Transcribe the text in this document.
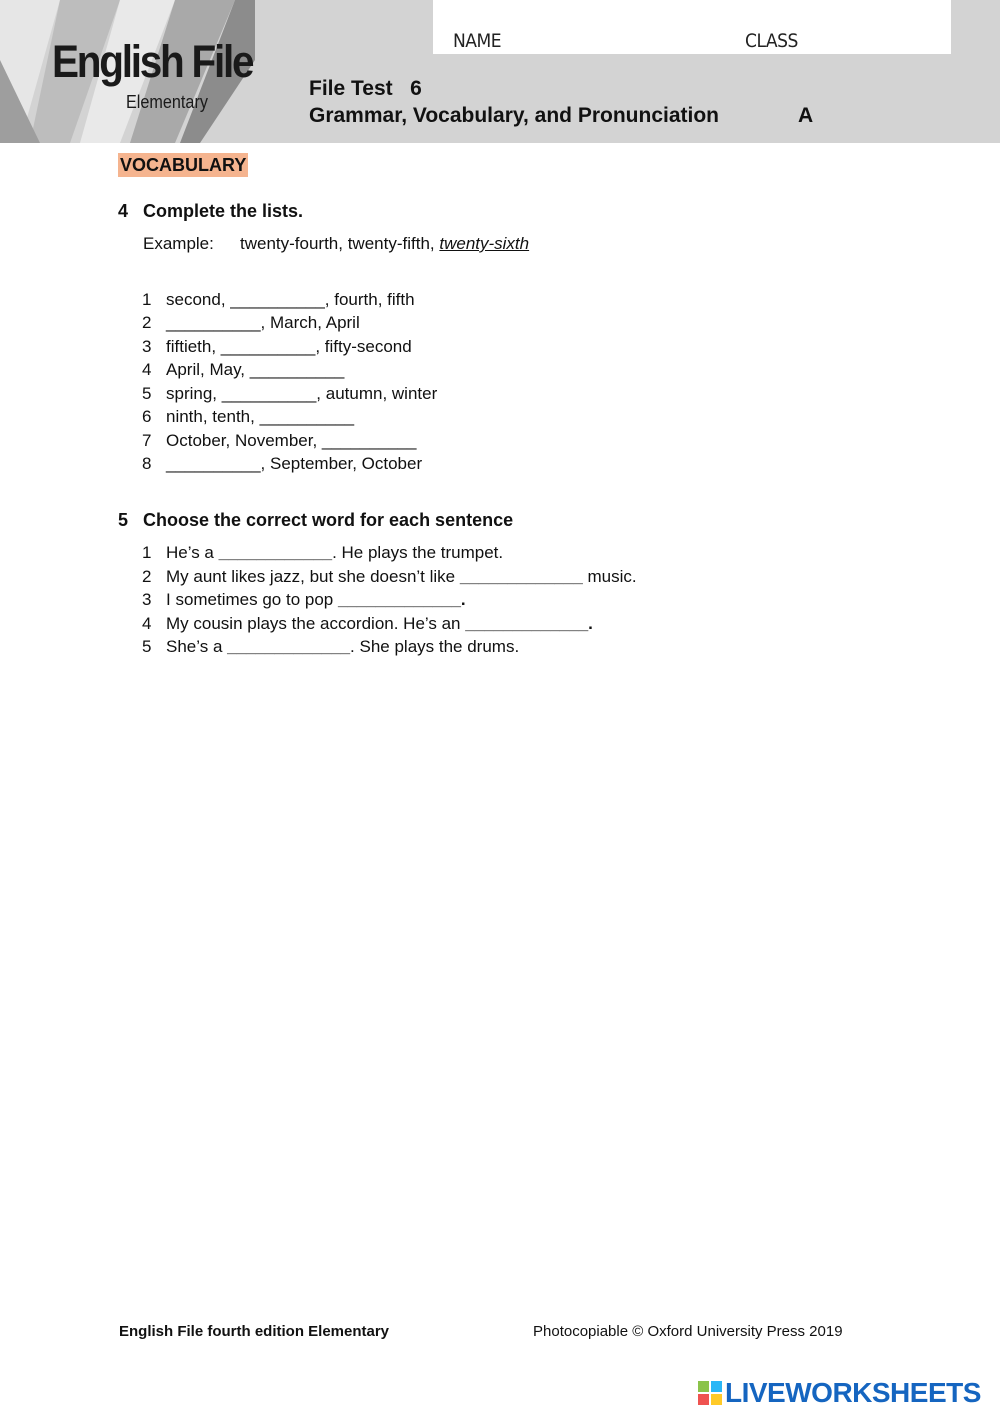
NAME	CLASS
English File
Elementary
File Test   6
Grammar, Vocabulary, and Pronunciation	A
VOCABULARY
4 Complete the lists.
Example: twenty-fourth, twenty-fifth, twenty-sixth
1 second, __________, fourth, fifth
2 __________, March, April
3 fiftieth, __________, fifty-second
4 April, May, __________
5 spring, __________, autumn, winter
6 ninth, tenth, __________
7 October, November, __________
8 __________, September, October
5 Choose the correct word for each sentence
1 He’s a ____________. He plays the trumpet.
2 My aunt likes jazz, but she doesn’t like _____________ music.
3 I sometimes go to pop _____________.
4 My cousin plays the accordion. He’s an _____________.
5 She’s a _____________. She plays the drums.
English File fourth edition Elementary	Photocopiable © Oxford University Press 2019
LIVEWORKSHEETS
